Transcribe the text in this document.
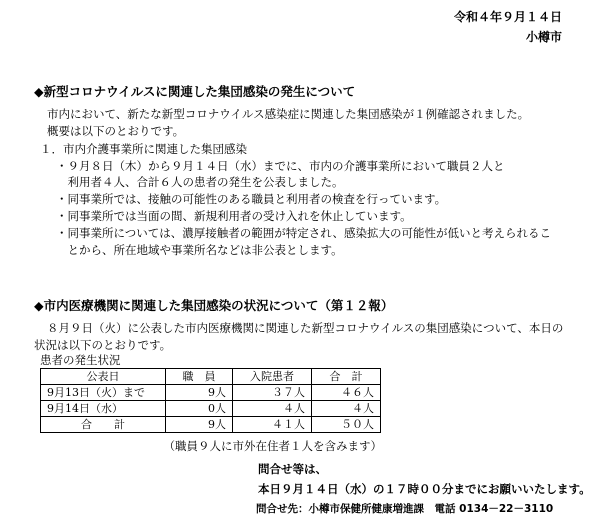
令和４年９月１４日
小樽市
◆新型コロナウイルスに関連した集団感染の発生について
市内において、新たな新型コロナウイルス感染症に関連した集団感染が１例確認されました。
概要は以下のとおりです。
１．市内介護事業所に関連した集団感染
・９月８日（木）から９月１４日（水）までに、市内の介護事業所において職員２人と
　利用者４人、合計６人の患者の発生を公表しました。
・同事業所では、接触の可能性のある職員と利用者の検査を行っています。
・同事業所では当面の間、新規利用者の受け入れを休止しています。
・同事業所については、濃厚接触者の範囲が特定され、感染拡大の可能性が低いと考えられるこ
　とから、所在地域や事業所名などは非公表とします。
◆市内医療機関に関連した集団感染の状況について（第１２報）
８月９日（火）に公表した市内医療機関に関連した新型コロナウイルスの集団感染について、本日の
状況は以下のとおりです。
患者の発生状況
公表日	職　員	入院患者	合　計
9月13日（火）まで	9人	３７人	４６人
9月14日（水）	0人	４人	４人
合　　計	9人	４１人	５０人
（職員９人に市外在住者１人を含みます）
問合せ等は、
本日９月１４日（水）の１７時００分までにお願いいたします。
問合せ先：小樽市保健所健康増進課　電話 0134－22－3110
